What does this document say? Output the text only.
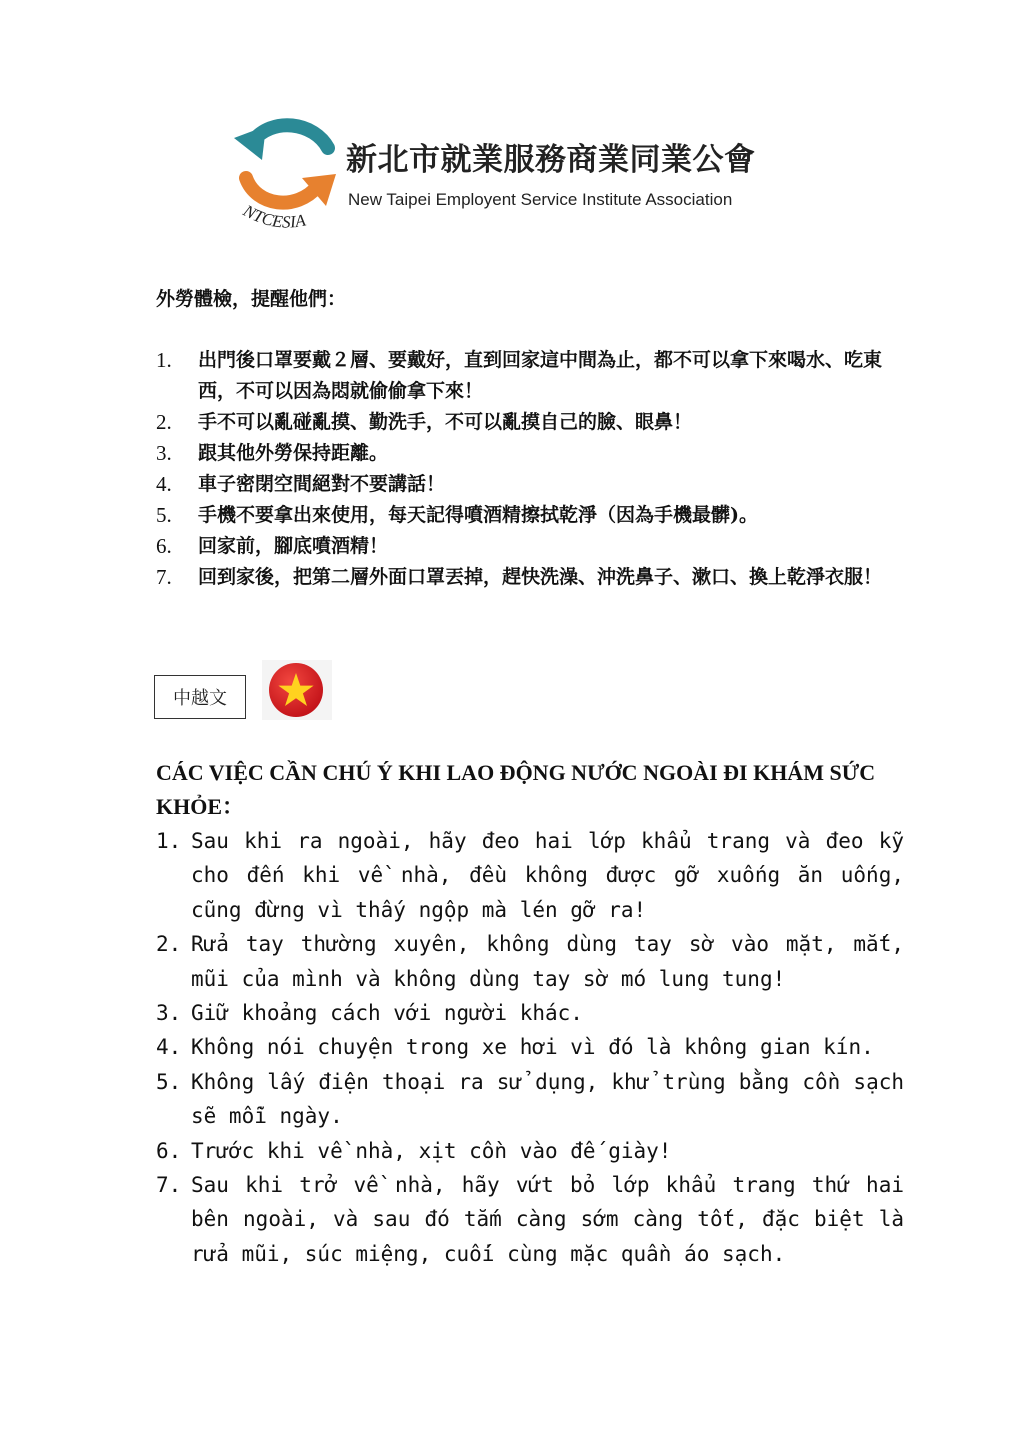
NTCESIA
新北市就業服務商業同業公會
New Taipei Employent Service Institute Association
外勞體檢，提醒他們：
1. 出門後口罩要戴２層、要戴好，直到回家這中間為止，都不可以拿下來喝水、吃東西，不可以因為悶就偷偷拿下來！
2. 手不可以亂碰亂摸、勤洗手，不可以亂摸自己的臉、眼鼻！
3. 跟其他外勞保持距離。
4. 車子密閉空間絕對不要講話！
5. 手機不要拿出來使用，每天記得噴酒精擦拭乾淨（因為手機最髒)。
6. 回家前，腳底噴酒精！
7. 回到家後，把第二層外面口罩丟掉，趕快洗澡、沖洗鼻子、漱口、換上乾淨衣服！
中越文
CÁC VIỆC CẦN CHÚ Ý KHI LAO ĐỘNG NƯỚC NGOÀI ĐI KHÁM SỨC KHỎE：
1. Sau khi ra ngoài, hãy đeo hai lớp khẩu trang và đeo kỹ cho đến khi về nhà, đều không được gỡ xuống ăn uống, cũng đừng vì thấy ngộp mà lén gỡ ra!
2. Rửa tay thường xuyên, không dùng tay sờ vào mặt, mắt, mũi của mình và không dùng tay sờ mó lung tung!
3. Giữ khoảng cách với người khác.
4. Không nói chuyện trong xe hơi vì đó là không gian kín.
5. Không lấy điện thoại ra sử dụng, khử trùng bằng cồn sạch sẽ mỗi ngày.
6. Trước khi về nhà, xịt cồn vào đế giày!
7. Sau khi trở về nhà, hãy vứt bỏ lớp khẩu trang thứ hai bên ngoài, và sau đó tắm càng sớm càng tốt, đặc biệt là rửa mũi, súc miệng, cuối cùng mặc quần áo sạch.
